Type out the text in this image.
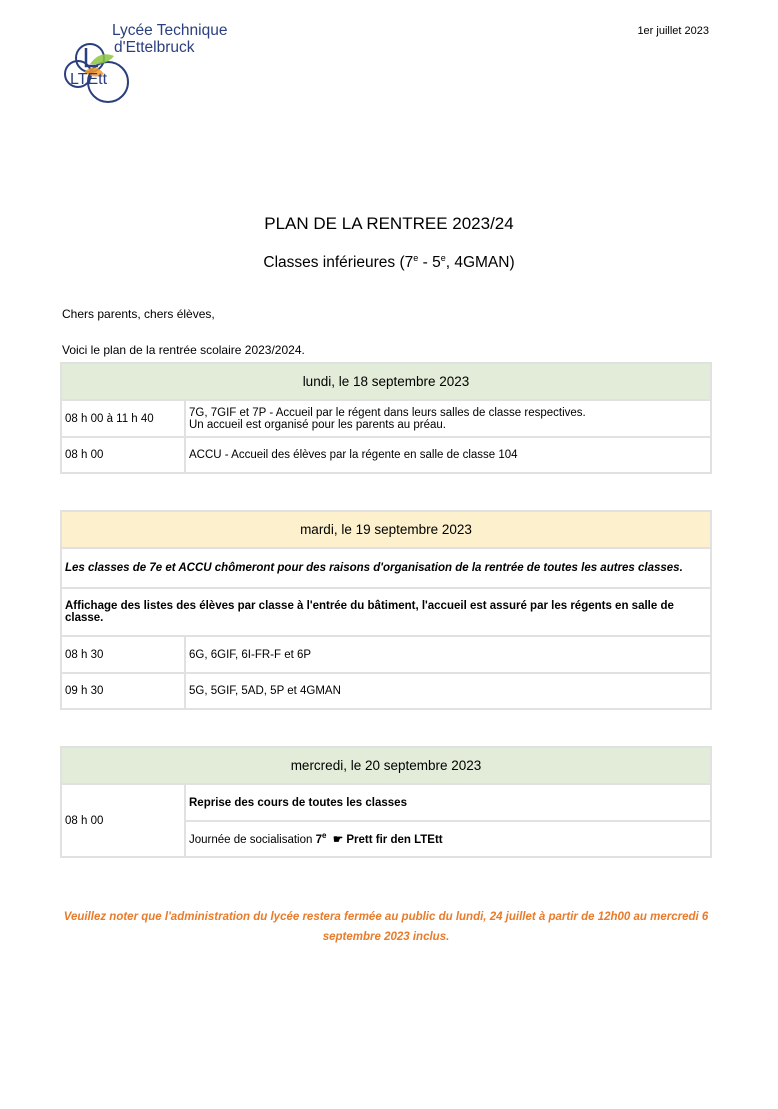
Lycée Technique
d'Ettelbruck
LTEtt
1er juillet 2023
PLAN DE LA RENTREE 2023/24
Classes inférieures (7e - 5e, 4GMAN)
Chers parents, chers élèves,
Voici le plan de la rentrée scolaire 2023/2024.
lundi, le 18 septembre 2023	
08 h 00 à 11 h 40	7G, 7GIF et 7P - Accueil par le régent dans leurs salles de classe respectives.
Un accueil est organisé pour les parents au préau.

08 h 00	ACCU - Accueil des élèves par la régente en salle de classe 104
mardi, le 19 septembre 2023	
Les classes de 7e et ACCU chômeront pour des raisons d'organisation de la rentrée de toutes les autres classes.	
Affichage des listes des élèves par classe à l'entrée du bâtiment, l'accueil est assuré par les régents en salle de classe.	
08 h 30	6G, 6GIF, 6I-FR-F et 6P
09 h 30	5G, 5GIF, 5AD, 5P et 4GMAN
mercredi, le 20 septembre 2023
08 h 00	Reprise des cours de toutes les classes
Journée de socialisation 7e ☛ Prett fir den LTEtt
Veuillez noter que l'administration du lycée restera fermée au public du lundi, 24 juillet à partir de 12h00 au mercredi 6 septembre 2023 inclus.
